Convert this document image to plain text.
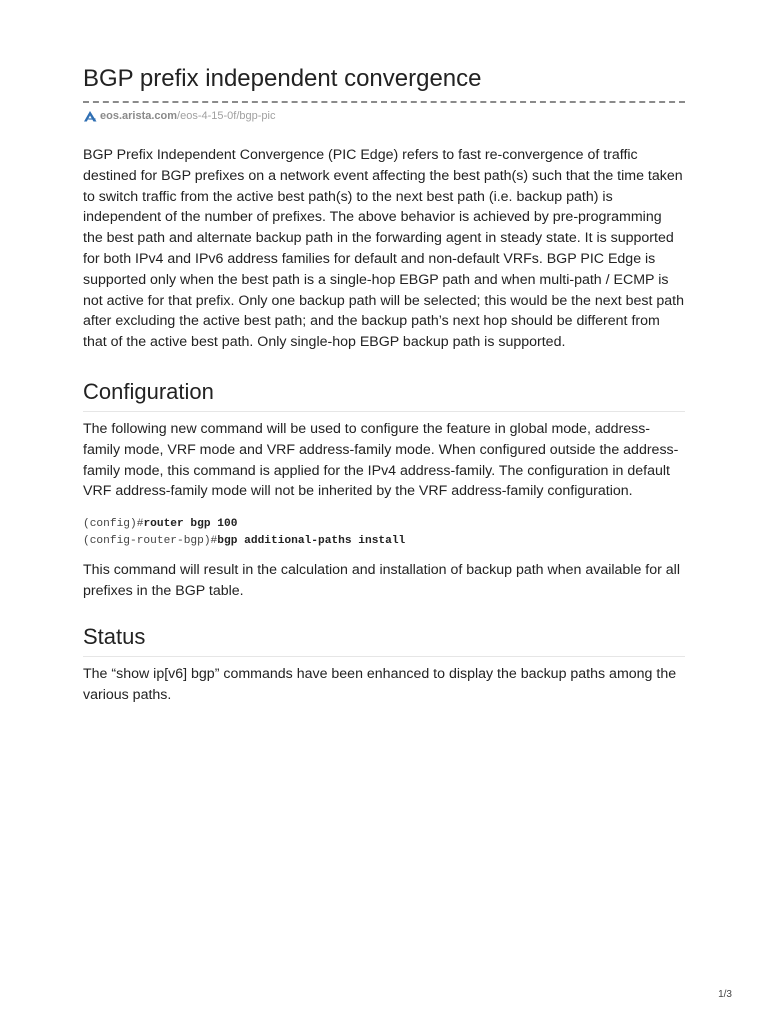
BGP prefix independent convergence
eos.arista.com /eos-4-15-0f/bgp-pic

BGP Prefix Independent Convergence (PIC Edge) refers to fast re-convergence of traffic destined for BGP prefixes on a network event affecting the best path(s) such that the time taken to switch traffic from the active best path(s) to the next best path (i.e. backup path) is independent of the number of prefixes. The above behavior is achieved by pre-programming the best path and alternate backup path in the forwarding agent in steady state. It is supported for both IPv4 and IPv6 address families for default and non-default VRFs. BGP PIC Edge is supported only when the best path is a single-hop EBGP path and when multi-path / ECMP is not active for that prefix. Only one backup path will be selected; this would be the next best path after excluding the active best path; and the backup path’s next hop should be different from that of the active best path. Only single-hop EBGP backup path is supported.

Configuration

The following new command will be used to configure the feature in global mode, address-family mode, VRF mode and VRF address-family mode. When configured outside the address-family mode, this command is applied for the IPv4 address-family. The configuration in default VRF address-family mode will not be inherited by the VRF address-family configuration.

(config)#router bgp 100
(config-router-bgp)#bgp additional-paths install

This command will result in the calculation and installation of backup path when available for all prefixes in the BGP table.

Status

The “show ip[v6] bgp” commands have been enhanced to display the backup paths among the various paths.

1/3
